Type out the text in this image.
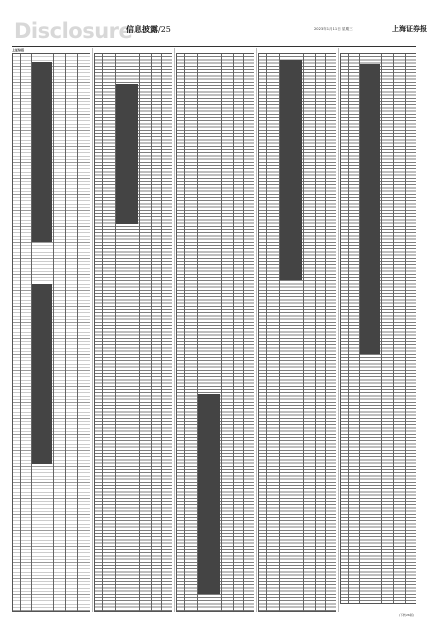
Disclosure
信息披露/25	2023年1月11日 星期三	上海证券报
上证综指
(下转26版)
